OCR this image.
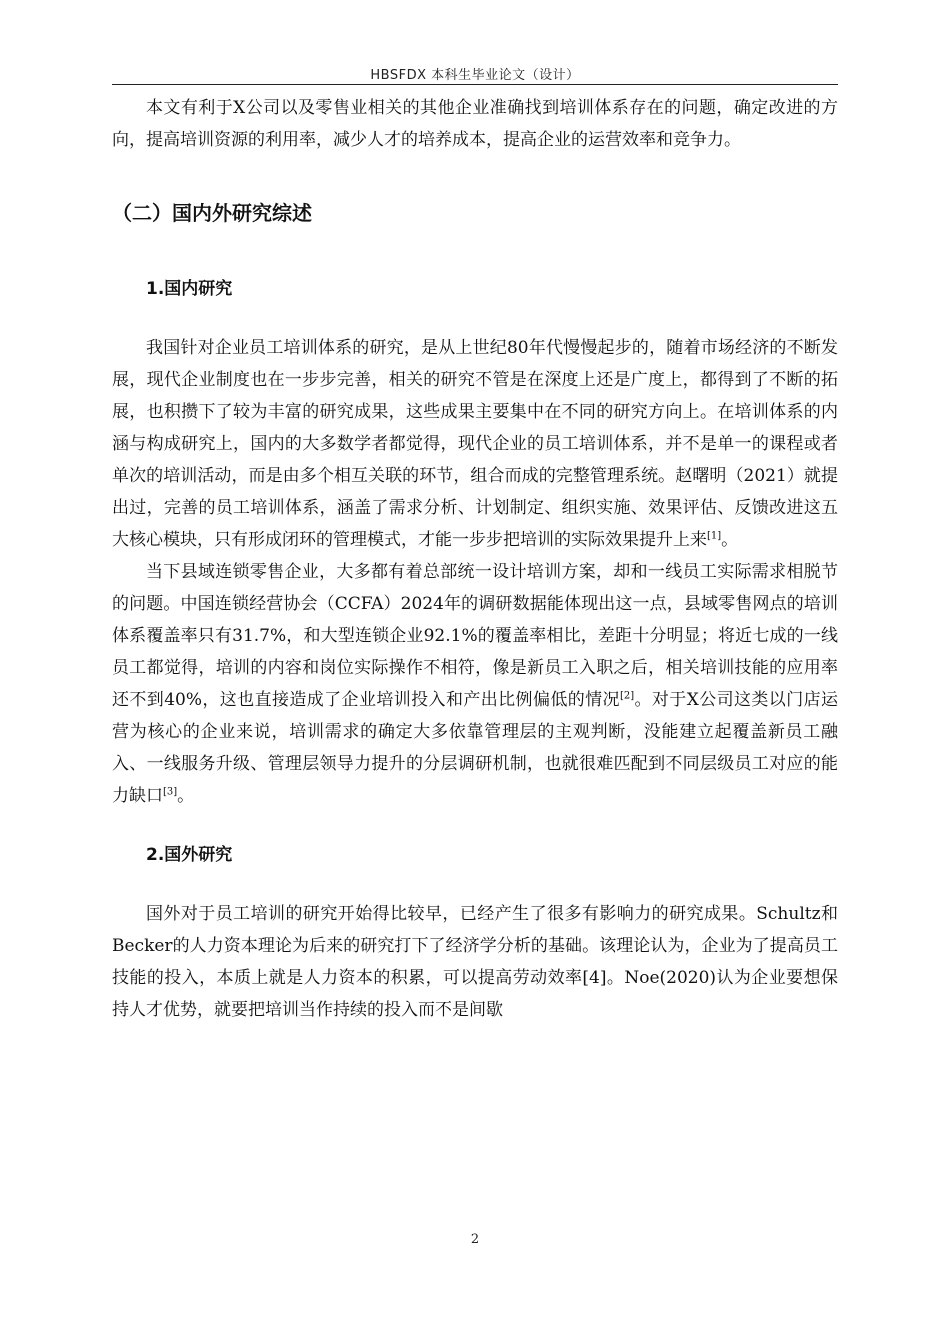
HBSFDX 本科生毕业论文（设计）

本文有利于X公司以及零售业相关的其他企业准确找到培训体系存在的问题，确定改进的方向，提高培训资源的利用率，减少人才的培养成本，提高企业的运营效率和竞争力。

（二）国内外研究综述
1.国内研究

我国针对企业员工培训体系的研究，是从上世纪80年代慢慢起步的，随着市场经济的不断发展，现代企业制度也在一步步完善，相关的研究不管是在深度上还是广度上，都得到了不断的拓展，也积攒下了较为丰富的研究成果，这些成果主要集中在不同的研究方向上。在培训体系的内涵与构成研究上，国内的大多数学者都觉得，现代企业的员工培训体系，并不是单一的课程或者单次的培训活动，而是由多个相互关联的环节，组合而成的完整管理系统。赵曙明（2021）就提出过，完善的员工培训体系，涵盖了需求分析、计划制定、组织实施、效果评估、反馈改进这五大核心模块，只有形成闭环的管理模式，才能一步步把培训的实际效果提升上来[1]。

当下县域连锁零售企业，大多都有着总部统一设计培训方案，却和一线员工实际需求相脱节的问题。中国连锁经营协会（CCFA）2024年的调研数据能体现出这一点，县域零售网点的培训体系覆盖率只有31.7%，和大型连锁企业92.1%的覆盖率相比，差距十分明显；将近七成的一线员工都觉得，培训的内容和岗位实际操作不相符，像是新员工入职之后，相关培训技能的应用率还不到40%，这也直接造成了企业培训投入和产出比例偏低的情况[2]。对于X公司这类以门店运营为核心的企业来说，培训需求的确定大多依靠管理层的主观判断，没能建立起覆盖新员工融入、一线服务升级、管理层领导力提升的分层调研机制，也就很难匹配到不同层级员工对应的能力缺口[3]。

2.国外研究

国外对于员工培训的研究开始得比较早，已经产生了很多有影响力的研究成果。Schultz和Becker的人力资本理论为后来的研究打下了经济学分析的基础。该理论认为，企业为了提高员工技能的投入，本质上就是人力资本的积累，可以提高劳动效率[4]。Noe(2020)认为企业要想保持人才优势，就要把培训当作持续的投入而不是间歇

2
